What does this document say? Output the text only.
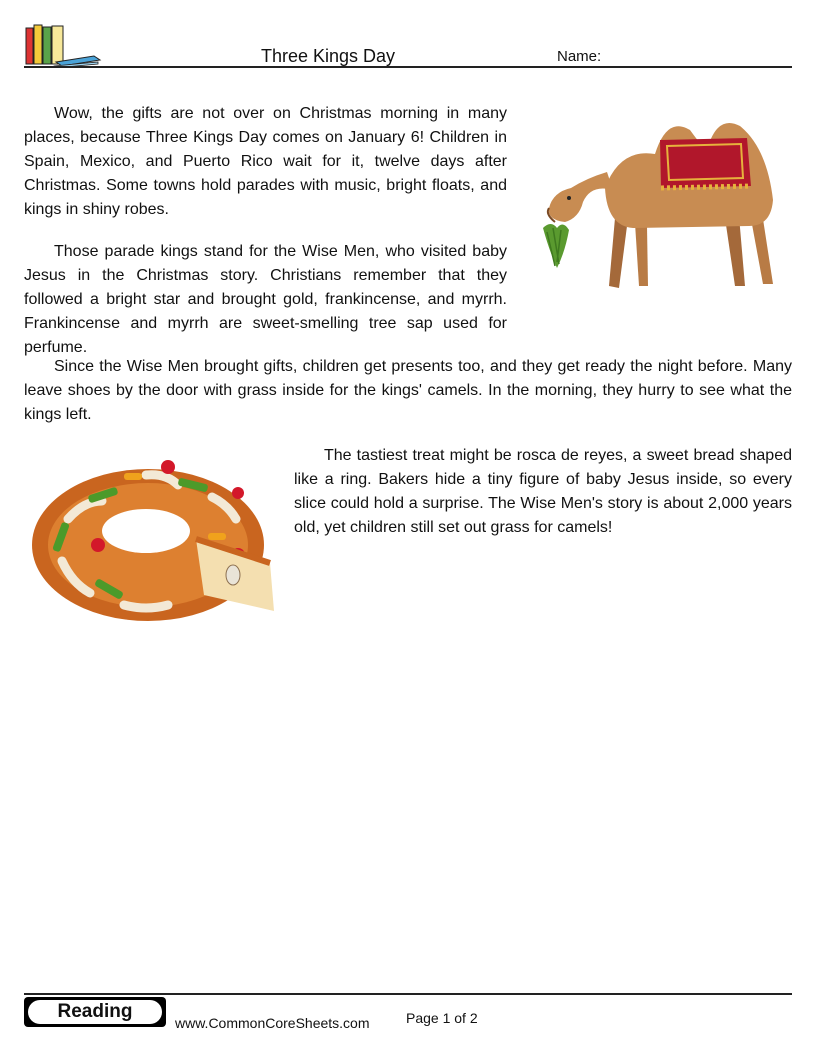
Three Kings Day	Name:

Wow, the gifts are not over on Christmas morning in many places, because Three Kings Day comes on January 6! Children in Spain, Mexico, and Puerto Rico wait for it, twelve days after Christmas. Some towns hold parades with music, bright floats, and kings in shiny robes.

Those parade kings stand for the Wise Men, who visited baby Jesus in the Christmas story. Christians remember that they followed a bright star and brought gold, frankincense, and myrrh. Frankincense and myrrh are sweet-smelling tree sap used for perfume.

Since the Wise Men brought gifts, children get presents too, and they get ready the night before. Many leave shoes by the door with grass inside for the kings' camels. In the morning, they hurry to see what the kings left.

The tastiest treat might be rosca de reyes, a sweet bread shaped like a ring. Bakers hide a tiny figure of baby Jesus inside, so every slice could hold a surprise. The Wise Men's story is about 2,000 years old, yet children still set out grass for camels!

Reading
www.CommonCoreSheets.com	Page 1 of 2
